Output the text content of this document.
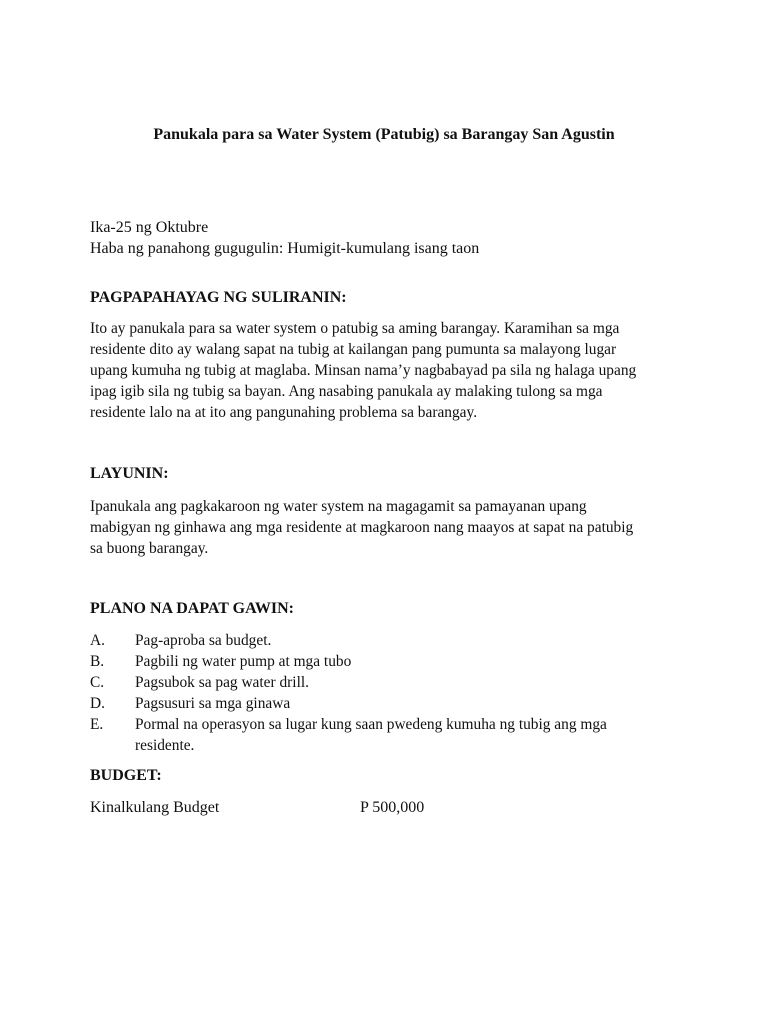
Panukala para sa Water System (Patubig) sa Barangay San Agustin
Ika-25 ng Oktubre
Haba ng panahong gugugulin: Humigit-kumulang isang taon
PAGPAPAHAYAG NG SULIRANIN:
Ito ay panukala para sa water system o patubig sa aming barangay. Karamihan sa mga
residente dito ay walang sapat na tubig at kailangan pang pumunta sa malayong lugar
upang kumuha ng tubig at maglaba. Minsan nama’y nagbabayad pa sila ng halaga upang
ipag igib sila ng tubig sa bayan. Ang nasabing panukala ay malaking tulong sa mga
residente lalo na at ito ang pangunahing problema sa barangay.
LAYUNIN:
Ipanukala ang pagkakaroon ng water system na magagamit sa pamayanan upang
mabigyan ng ginhawa ang mga residente at magkaroon nang maayos at sapat na patubig
sa buong barangay.
PLANO NA DAPAT GAWIN:
A.	Pag-aproba sa budget.
B.	Pagbili ng water pump at mga tubo
C.	Pagsubok sa pag water drill.
D.	Pagsusuri sa mga ginawa
E.	Pormal na operasyon sa lugar kung saan pwedeng kumuha ng tubig ang mga residente.
BUDGET:
Kinalkulang Budget	P 500,000
